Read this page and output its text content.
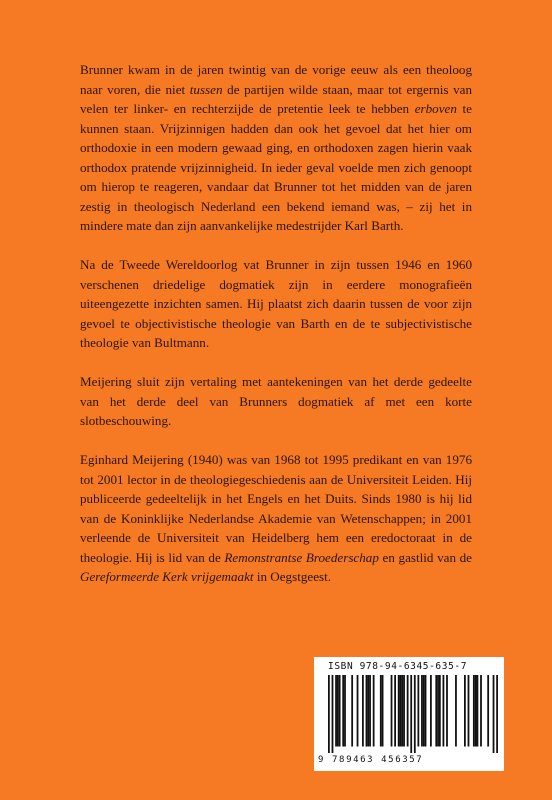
Brunner kwam in de jaren twintig van de vorige eeuw als een theoloog naar voren, die niet tussen de partijen wilde staan, maar tot ergernis van velen ter linker- en rechterzijde de pretentie leek te hebben erboven te kunnen staan. Vrijzinnigen hadden dan ook het gevoel dat het hier om orthodoxie in een modern gewaad ging, en orthodoxen zagen hierin vaak orthodox pratende vrijzinnigheid. In ieder geval voelde men zich genoopt om hierop te reageren, vandaar dat Brunner tot het midden van de jaren zestig in theologisch Nederland een bekend iemand was, – zij het in mindere mate dan zijn aanvankelijke medestrijder Karl Barth.

Na de Tweede Wereldoorlog vat Brunner in zijn tussen 1946 en 1960 verschenen driedelige dogmatiek zijn in eerdere monografieën uiteengezette inzichten samen. Hij plaatst zich daarin tussen de voor zijn gevoel te objectivistische theologie van Barth en de te subjectivistische theologie van Bultmann.

Meijering sluit zijn vertaling met aantekeningen van het derde gedeelte van het derde deel van Brunners dogmatiek af met een korte slotbeschouwing.

Eginhard Meijering (1940) was van 1968 tot 1995 predikant en van 1976 tot 2001 lector in de theologiegeschiedenis aan de Universiteit Leiden. Hij publiceerde gedeeltelijk in het Engels en het Duits. Sinds 1980 is hij lid van de Koninklijke Nederlandse Akademie van Wetenschappen; in 2001 verleende de Universiteit van Heidelberg hem een eredoctoraat in de theologie. Hij is lid van de Remonstrantse Broederschap en gastlid van de Gereformeerde Kerk vrijgemaakt in Oegstgeest.

ISBN 978-94-6345-635-7
9 789463 456357
